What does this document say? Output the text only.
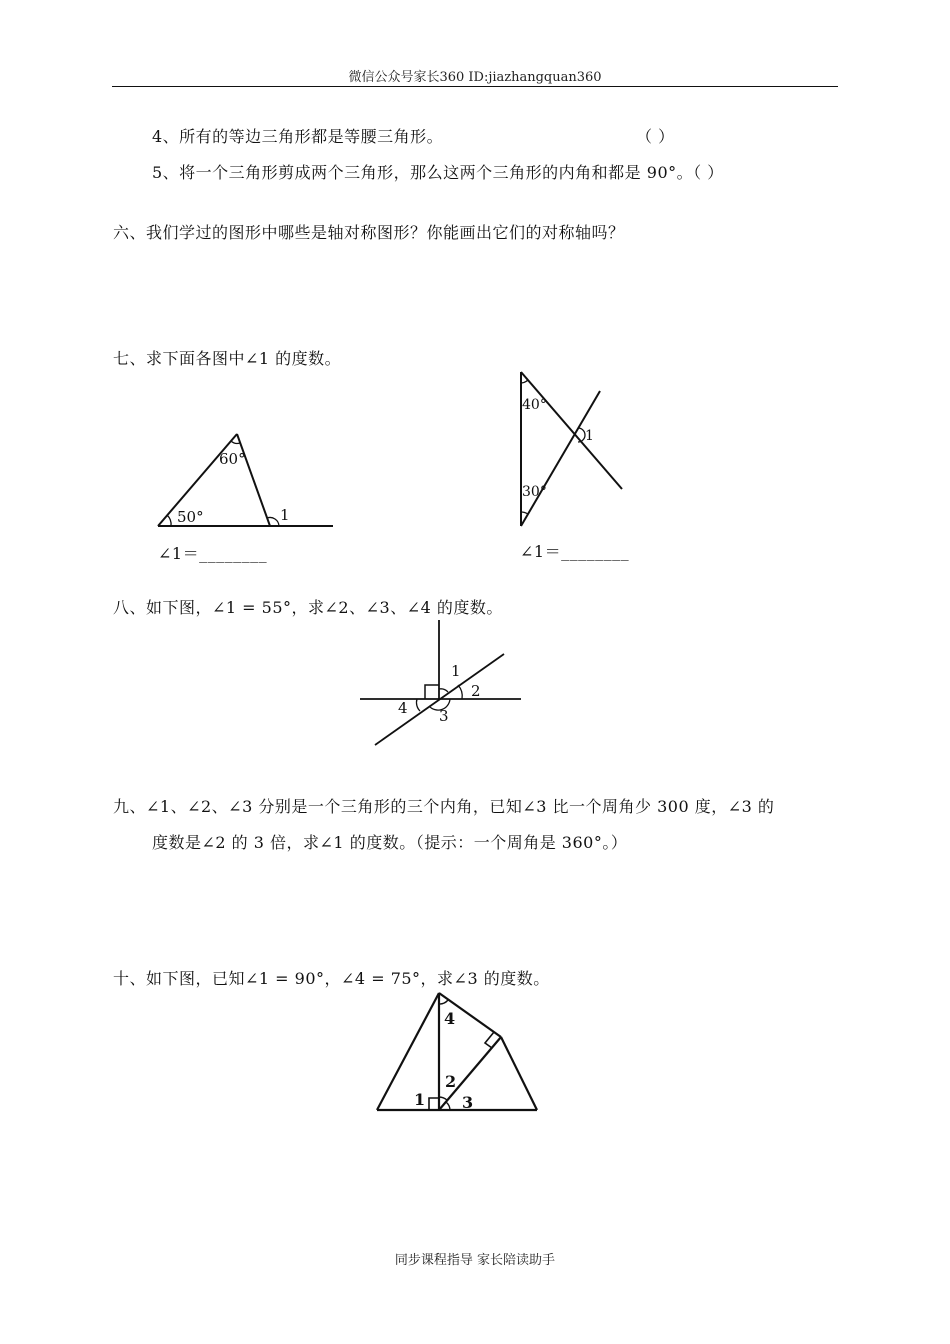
微信公众号家长360 ID:jiazhangquan360
4、所有的等边三角形都是等腰三角形。	（ ）
5、将一个三角形剪成两个三角形，那么这两个三角形的内角和都是 90°。（ ）
六、我们学过的图形中哪些是轴对称图形？你能画出它们的对称轴吗？
七、求下面各图中∠1 的度数。
60°
50°	1
∠1＝________
40°
30°
1
∠1＝________
八、如下图，∠1 = 55°，求∠2、∠3、∠4 的度数。
1
2
3
4
九、∠1、∠2、∠3 分别是一个三角形的三个内角，已知∠3 比一个周角少 300 度，∠3 的
度数是∠2 的 3 倍，求∠1 的度数。（提示：一个周角是 360°。）
十、如下图，已知∠1 = 90°，∠4 = 75°，求∠3 的度数。
1
2
3
4
同步课程指导 家长陪读助手
